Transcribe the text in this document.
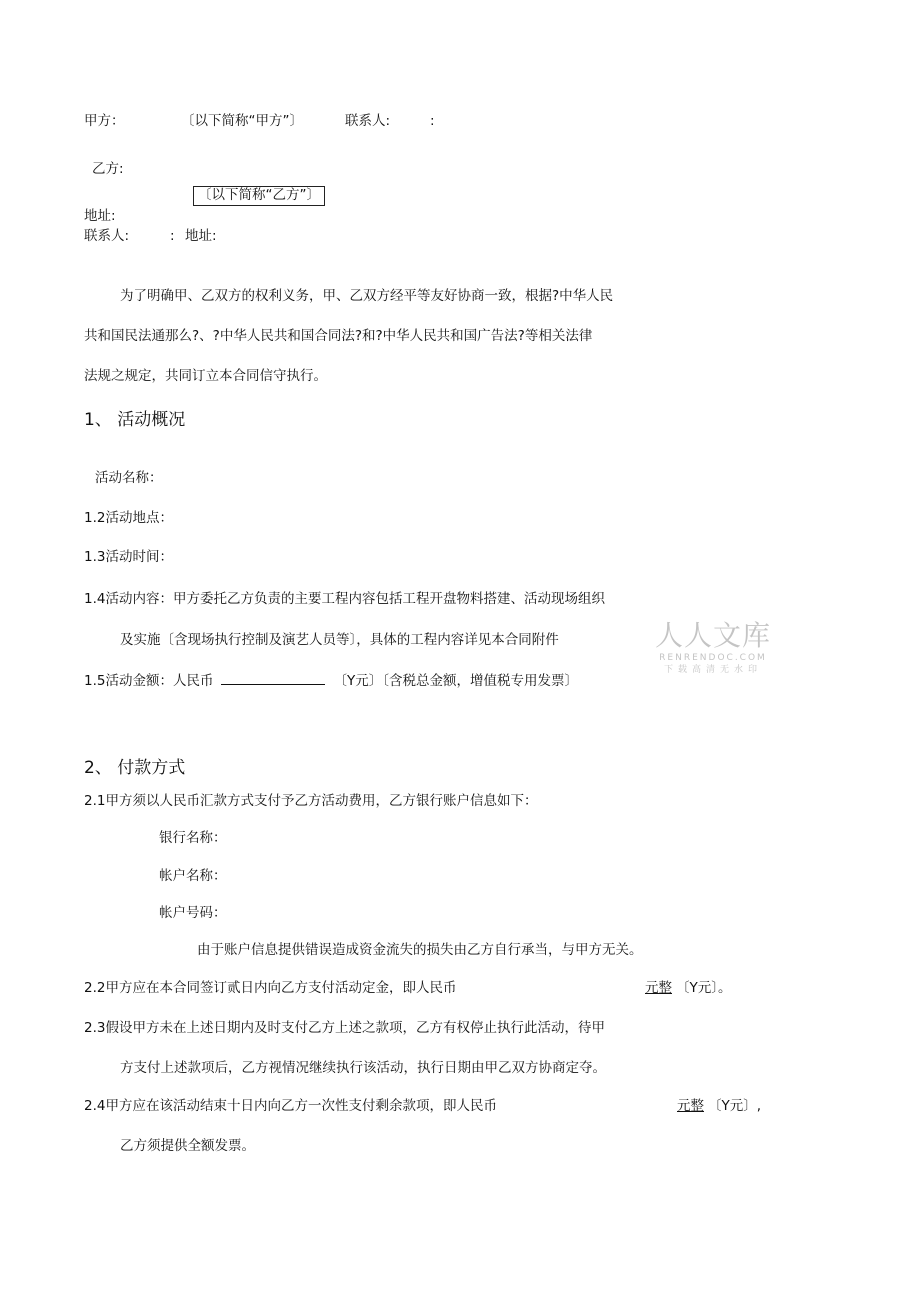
甲方：	〔以下简称“甲方”〕	联系人:	:
乙方:
〔以下简称“乙方”〕
地址:
联系人:	: 地址:
为了明确甲、乙双方的权利义务，甲、乙双方经平等友好协商一致，根据?中华人民
共和国民法通那么?、?中华人民共和国合同法?和?中华人民共和国广告法?等相关法律
法规之规定，共同订立本合同信守执行。
1、 活动概况
活动名称：
1.2活动地点：
1.3活动时间：
1.4活动内容：甲方委托乙方负责的主要工程内容包括工程开盘物料搭建、活动现场组织
及实施〔含现场执行控制及演艺人员等〕，具体的工程内容详见本合同附件
1.5活动金额：人民币	〔Y元〕〔含税总金额，增值税专用发票〕
人人文库
RENRENDOC.COM
下载高清无水印
2、 付款方式
2.1甲方须以人民币汇款方式支付予乙方活动费用，乙方银行账户信息如下：
银行名称：
帐户名称：
帐户号码：
由于账户信息提供错误造成资金流失的损失由乙方自行承当，与甲方无关。
2.2甲方应在本合同签订贰日内向乙方支付活动定金，即人民币	元整 〔Y元〕。
2.3假设甲方未在上述日期内及时支付乙方上述之款项，乙方有权停止执行此活动，待甲
方支付上述款项后，乙方视情况继续执行该活动，执行日期由甲乙双方协商定夺。
2.4甲方应在该活动结束十日内向乙方一次性支付剩余款项，即人民币	元整 〔Y元〕,
乙方须提供全额发票。
